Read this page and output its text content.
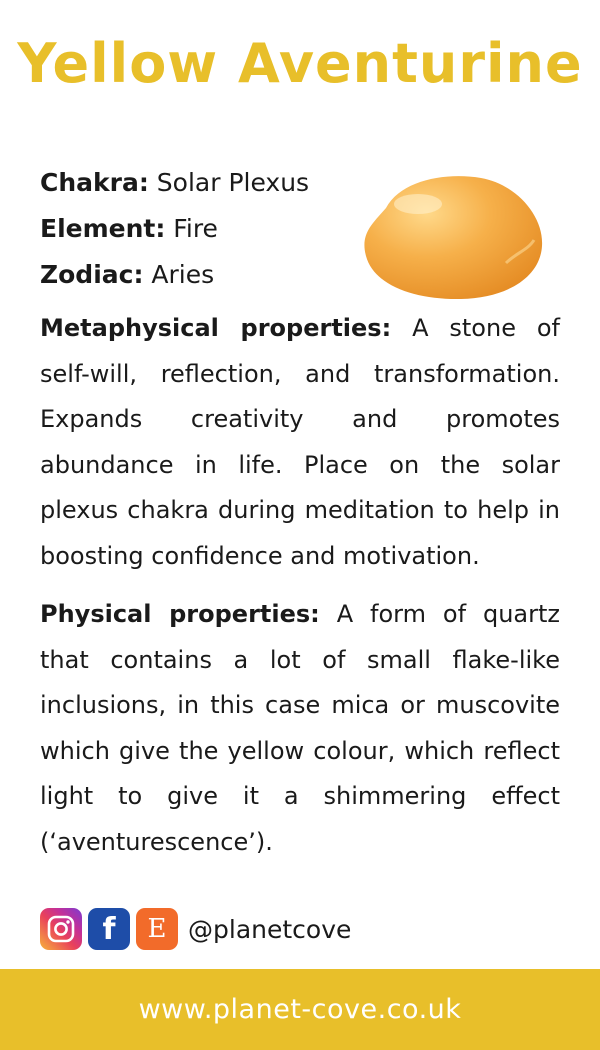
Yellow Aventurine
Chakra: Solar Plexus
Element: Fire
Zodiac: Aries
Metaphysical properties: A stone of self-will, reflection, and transformation. Expands creativity and promotes abundance in life. Place on the solar plexus chakra during meditation to help in boosting confidence and motivation.
Physical properties: A form of quartz that contains a lot of small flake-like inclusions, in this case mica or muscovite which give the yellow colour, which reflect light to give it a shimmering effect (‘aventurescence’).
f	E @planetcove
www.planet-cove.co.uk
